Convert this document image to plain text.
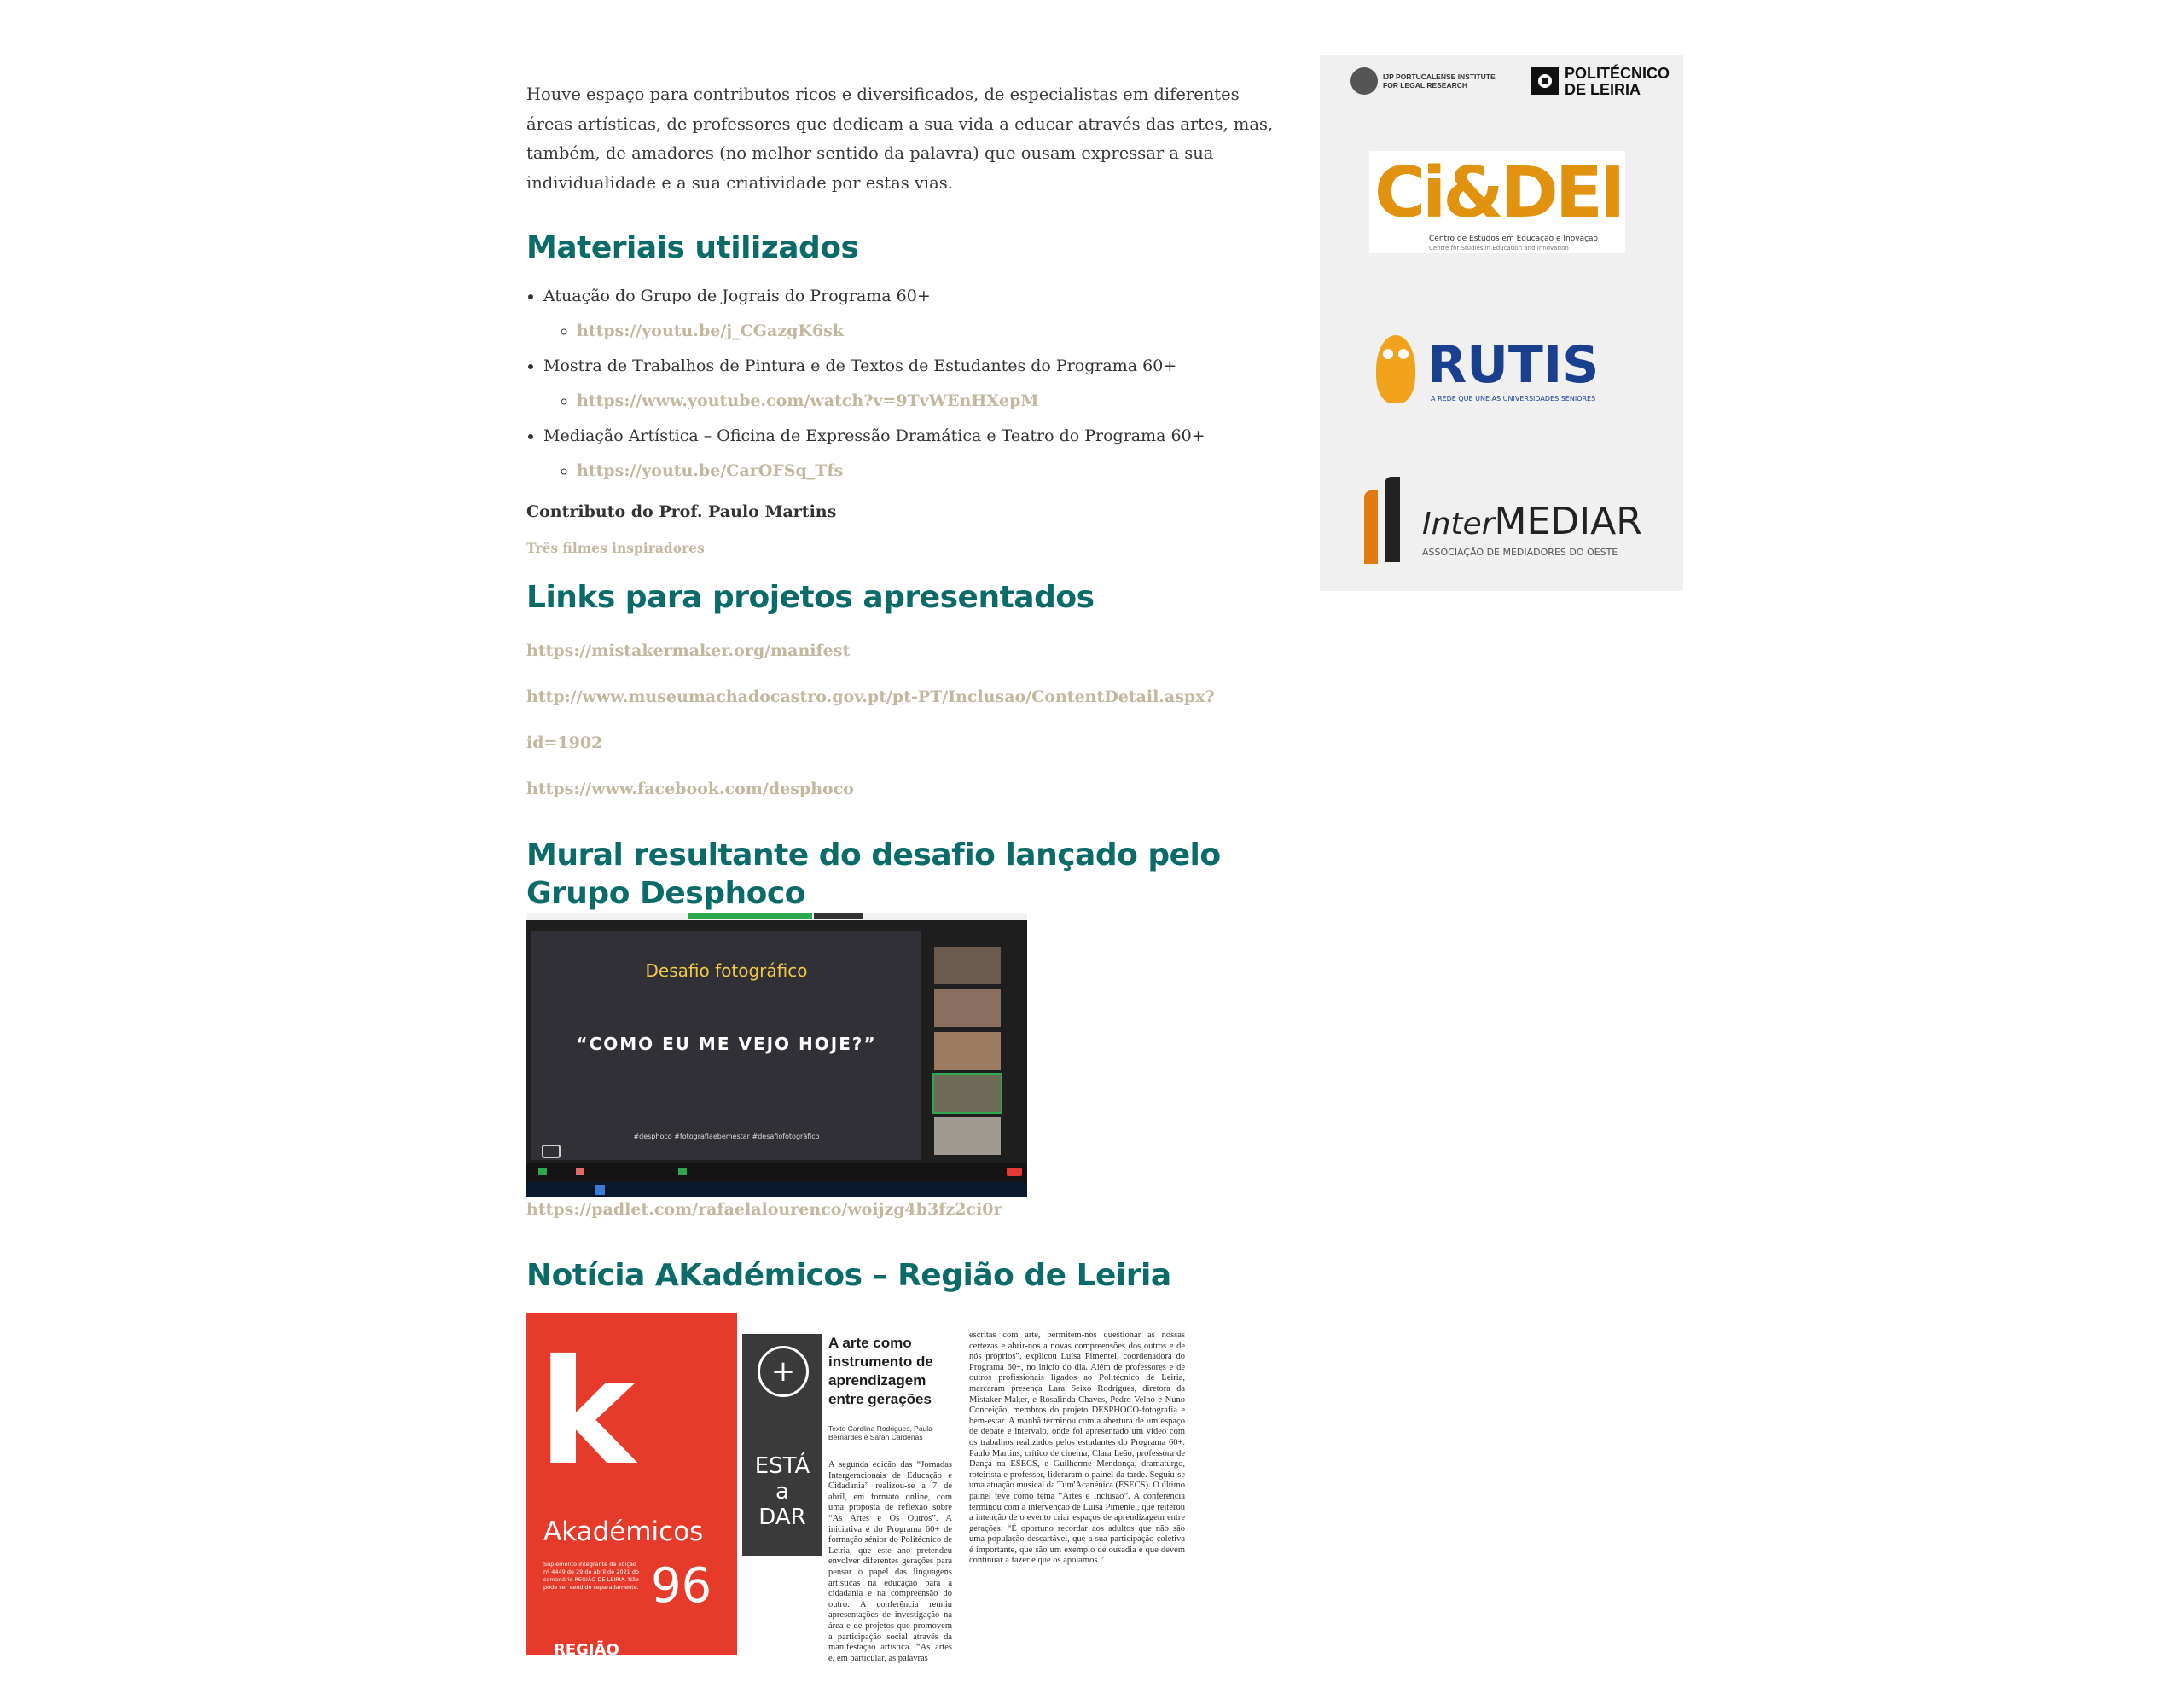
Houve espaço para contributos ricos e diversificados, de especialistas em diferentes áreas artísticas, de professores que dedicam a sua vida a educar através das artes, mas, também, de amadores (no melhor sentido da palavra) que ousam expressar a sua individualidade e a sua criatividade por estas vias.

Materiais utilizados
• Atuação do Grupo de Jograis do Programa 60+
◦ https://youtu.be/j_CGazgK6sk
• Mostra de Trabalhos de Pintura e de Textos de Estudantes do Programa 60+
◦ https://www.youtube.com/watch?v=9TvWEnHXepM
• Mediação Artística – Oficina de Expressão Dramática e Teatro do Programa 60+
◦ https://youtu.be/CarOFSq_Tfs
Contributo do Prof. Paulo Martins
Três filmes inspiradores
Links para projetos apresentados
https://mistakermaker.org/manifest
http://www.museumachadocastro.gov.pt/pt-PT/Inclusao/ContentDetail.aspx?id=1902
https://www.facebook.com/desphoco
Mural resultante do desafio lançado pelo Grupo Desphoco
Desafio fotográfico
“COMO EU ME VEJO HOJE?”
#desphoco #fotografiaebemestar #desafiofotográfico
https://padlet.com/rafaelalourenco/woijzg4b3fz2ci0r
Notícia AKadémicos – Região de Leiria
k
Akadémicos
Suplemento integrante da edição nº 4449 de 29 de abril de 2021 do semanário REGIÃO DE LEIRIA. Não pode ser vendido separadamente. 96
REGIÃO
+
ESTÁ a DAR
A arte como instrumento de aprendizagem entre gerações
Texto Carolina Rodrigues, Paula Bernardes e Sarah Cárdenas
A segunda edição das “Jornadas Intergeracionais de Educação e Cidadania” realizou-se a 7 de abril, em formato online, com uma proposta de reflexão sobre “As Artes e Os Outros”. A iniciativa é do Programa 60+ de formação sénior do Politécnico de Leiria, que este ano pretendeu envolver diferentes gerações para pensar o papel das linguagens artísticas na educação para a cidadania e na compreensão do outro. A conferência reuniu apresentações de investigação na área e de projetos que promovem a participação social através da manifestação artística. “As artes e, em particular, as palavras
escritas com arte, permitem-nos questionar as nossas certezas e abrir-nos a novas compreensões dos outros e de nós próprios”, explicou Luísa Pimentel, coordenadora do Programa 60+, no início do dia. Além de professores e de outros profissionais ligados ao Politécnico de Leiria, marcaram presença Lara Seixo Rodrigues, diretora da Mistaker Maker, e Rosalinda Chaves, Pedro Velho e Nuno Conceição, membros do projeto DESPHOCO-fotografia e bem-estar. A manhã terminou com a abertura de um espaço de debate e intervalo, onde foi apresentado um vídeo com os trabalhos realizados pelos estudantes do Programa 60+. Paulo Martins, crítico de cinema, Clara Leão, professora de Dança na ESECS, e Guilherme Mendonça, dramaturgo, roteirista e professor, lideraram o painel da tarde. Seguiu-se uma atuação musical da Tum'Acanénica (ESECS). O último painel teve como tema “Artes e Inclusão”. A conferência terminou com a intervenção de Luísa Pimentel, que reiterou a intenção de o evento criar espaços de aprendizagem entre gerações: “É oportuno recordar aos adultos que não são uma população descartável, que a sua participação coletiva é importante, que são um exemplo de ousadia e que devem continuar a fazer e que os apoiamos.”
IJP PORTUCALENSE INSTITUTE
FOR LEGAL RESEARCH
POLITÉCNICO
DE LEIRIA
Ci&DEI
Centro de Estudos em Educação e Inovação
Centre for Studies in Education and Innovation
RUTIS
A REDE QUE UNE AS UNIVERSIDADES SENIORES
InterMEDIAR
ASSOCIAÇÃO DE MEDIADORES DO OESTE
